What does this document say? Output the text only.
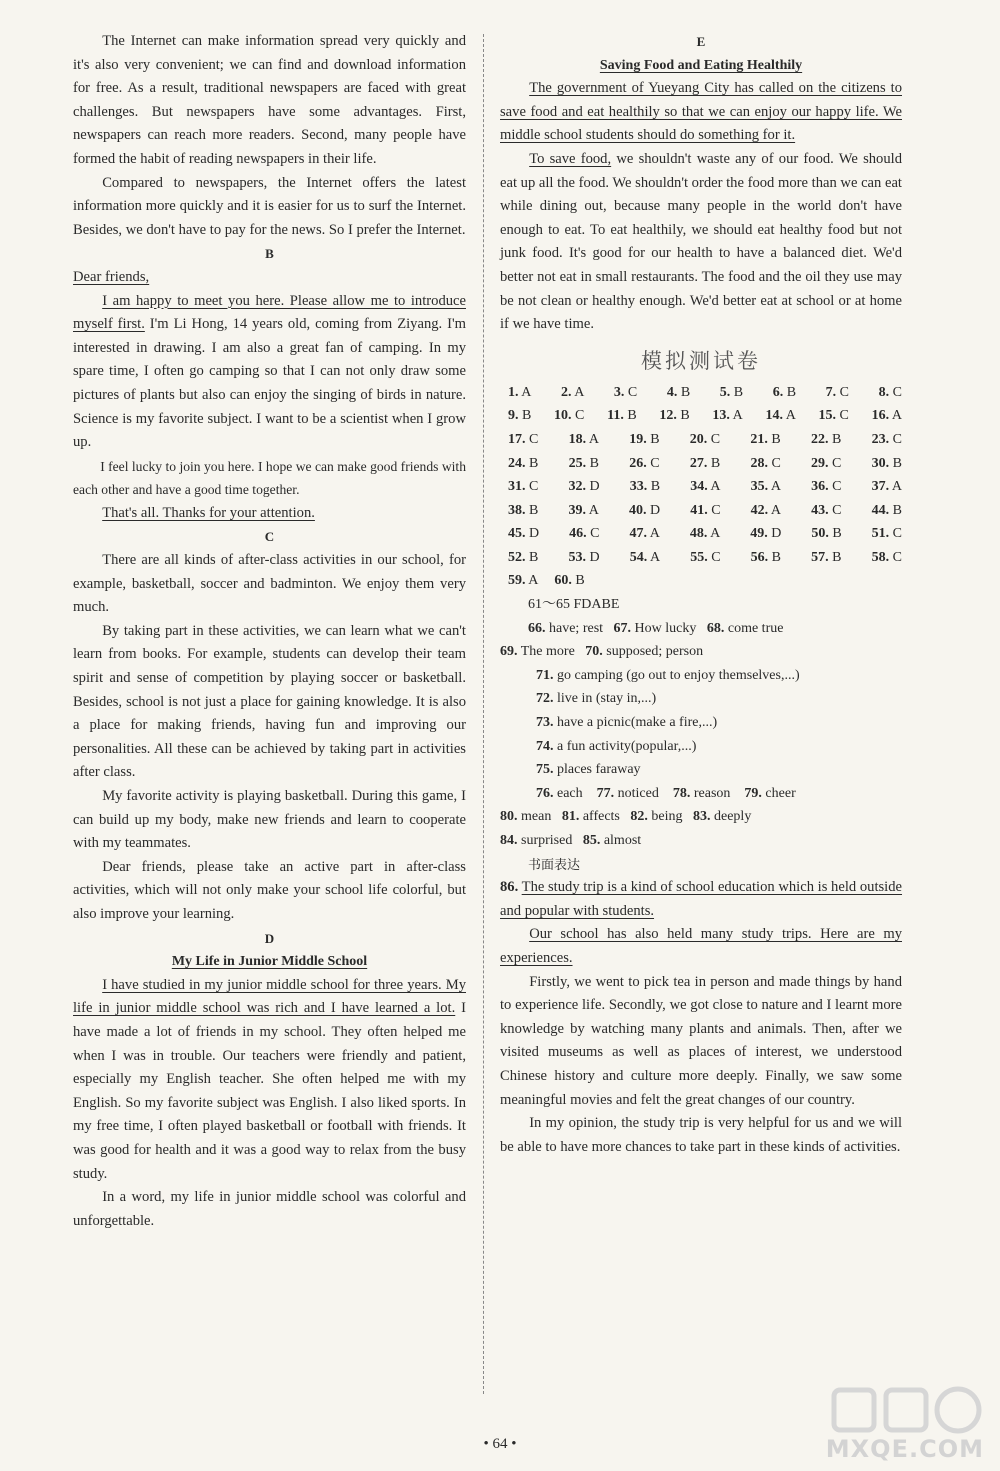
The Internet can make information spread very quickly and it's also very convenient; we can find and download information for free. As a result, traditional newspapers are faced with great challenges. But newspapers have some advantages. First, newspapers can reach more readers. Second, many people have formed the habit of reading newspapers in their life.

Compared to newspapers, the Internet offers the latest information more quickly and it is easier for us to surf the Internet. Besides, we don't have to pay for the news. So I prefer the Internet.

B

Dear friends,

I am happy to meet you here. Please allow me to introduce myself first. I'm Li Hong, 14 years old, coming from Ziyang. I'm interested in drawing. I am also a great fan of camping. In my spare time, I often go camping so that I can not only draw some pictures of plants but also can enjoy the singing of birds in nature. Science is my favorite subject. I want to be a scientist when I grow up.

I feel lucky to join you here. I hope we can make good friends with each other and have a good time together.

That's all. Thanks for your attention.

C

There are all kinds of after-class activities in our school, for example, basketball, soccer and badminton. We enjoy them very much.

By taking part in these activities, we can learn what we can't learn from books. For example, students can develop their team spirit and sense of competition by playing soccer or basketball. Besides, school is not just a place for gaining knowledge. It is also a place for making friends, having fun and improving our personalities. All these can be achieved by taking part in activities after class.

My favorite activity is playing basketball. During this game, I can build up my body, make new friends and learn to cooperate with my teammates.

Dear friends, please take an active part in after-class activities, which will not only make your school life colorful, but also improve your learning.

D

My Life in Junior Middle School

I have studied in my junior middle school for three years. My life in junior middle school was rich and I have learned a lot. I have made a lot of friends in my school. They often helped me when I was in trouble. Our teachers were friendly and patient, especially my English teacher. She often helped me with my English. So my favorite subject was English. I also liked sports. In my free time, I often played basketball or football with friends. It was good for health and it was a good way to relax from the busy study.

In a word, my life in junior middle school was colorful and unforgettable.

E

Saving Food and Eating Healthily

The government of Yueyang City has called on the citizens to save food and eat healthily so that we can enjoy our happy life. We middle school students should do something for it.

To save food, we shouldn't waste any of our food. We should eat up all the food. We shouldn't order the food more than we can eat while dining out, because many people in the world don't have enough to eat. To eat healthily, we should eat healthy food but not junk food. It's good for our health to have a balanced diet. We'd better not eat in small restaurants. The food and the oil they use may be not clean or healthy enough. We'd better eat at school or at home if we have time.

模拟测试卷
1. A 2. A 3. C 4. B 5. B 6. B 7. C 8. C
9. B 10. C 11. B 12. B 13. A 14. A 15. C 16. A
17. C 18. A 19. B 20. C 21. B 22. B 23. C
24. B 25. B 26. C 27. B 28. C 29. C 30. B
31. C 32. D 33. B 34. A 35. A 36. C 37. A
38. B 39. A 40. D 41. C 42. A 43. C 44. B
45. D 46. C 47. A 48. A 49. D 50. B 51. C
52. B 53. D 54. A 55. C 56. B 57. B 58. C
59. A 60. B
61～65 FDABE
66. have; rest 67. How lucky 68. come true
69. The more 70. supposed; person
71. go camping (go out to enjoy themselves,...)
72. live in (stay in,...)
73. have a picnic(make a fire,...)
74. a fun activity(popular,...)
75. places faraway
76. each 77. noticed 78. reason 79. cheer
80. mean 81. affects 82. being 83. deeply
84. surprised 85. almost
书面表达

86. The study trip is a kind of school education which is held outside and popular with students.

Our school has also held many study trips. Here are my experiences.

Firstly, we went to pick tea in person and made things by hand to experience life. Secondly, we got close to nature and I learnt more knowledge by watching many plants and animals. Then, after we visited museums as well as places of interest, we understood Chinese history and culture more deeply. Finally, we saw some meaningful movies and felt the great changes of our country.

In my opinion, the study trip is very helpful for us and we will be able to have more chances to take part in these kinds of activities.

• 64 •	MXQE.COM
